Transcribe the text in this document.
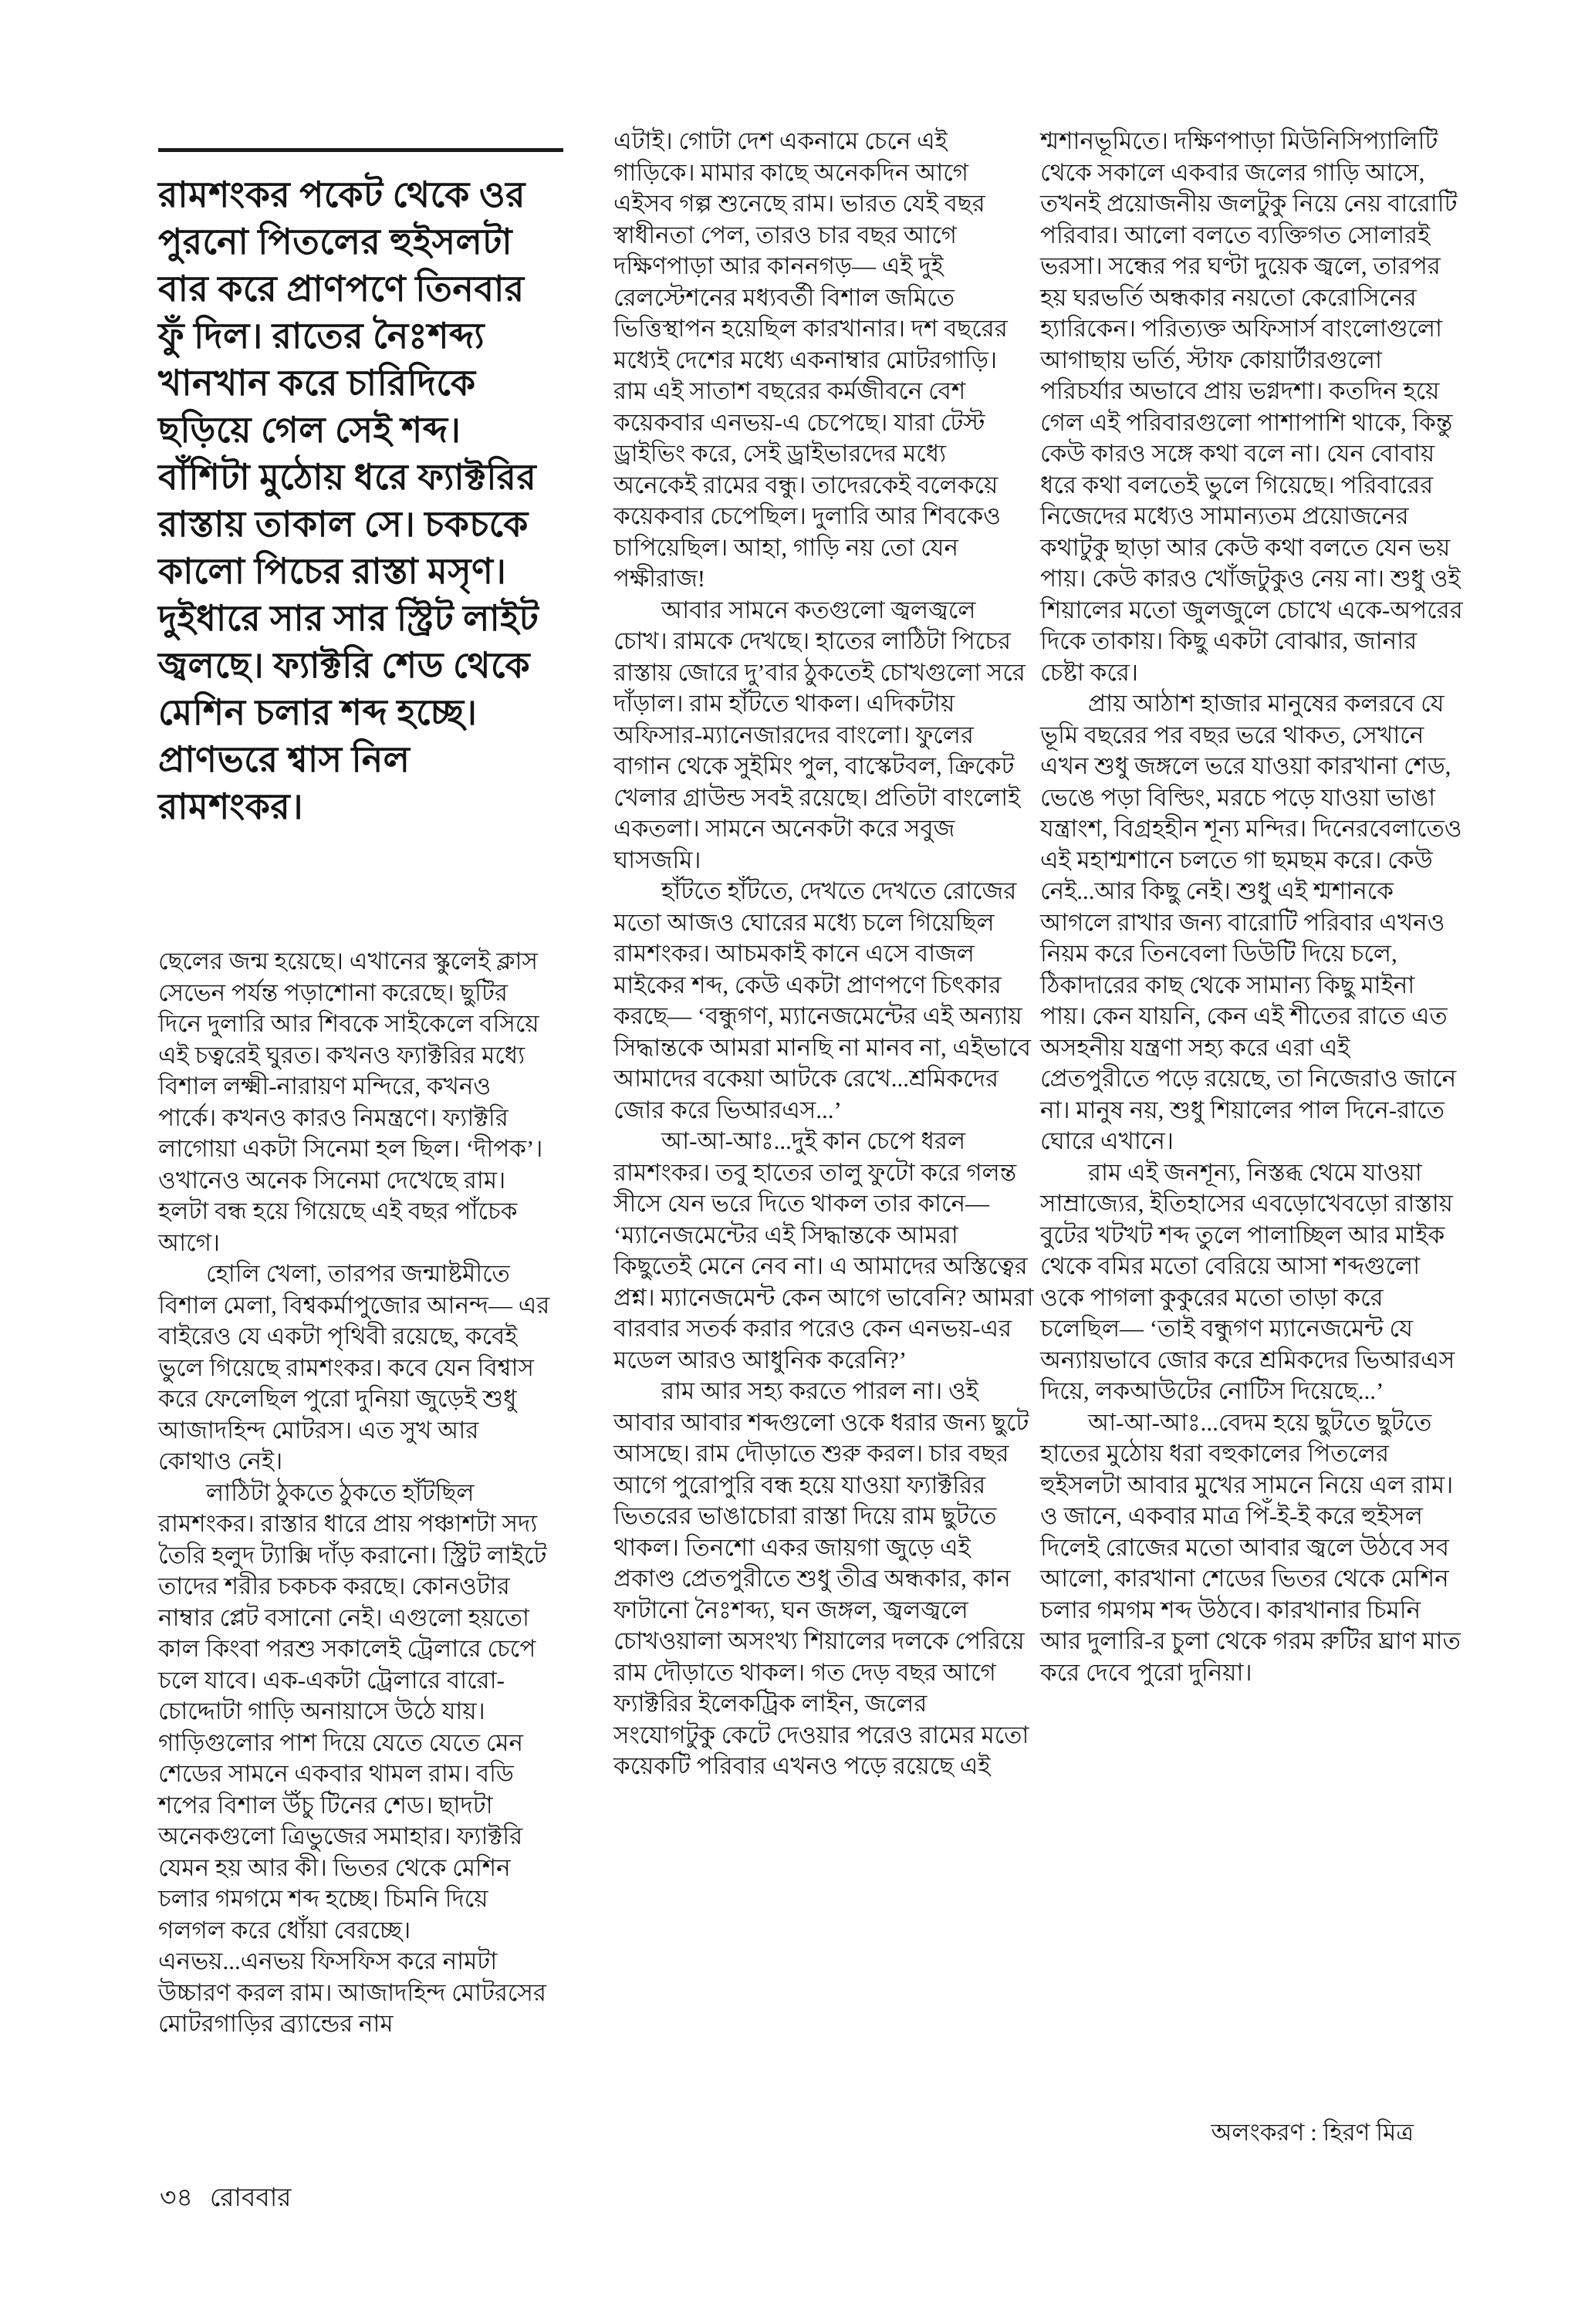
রামশংকর পকেট থেকে ওর পুরনো পিতলের হুইসলটা বার করে প্রাণপণে তিনবার ফুঁ দিল। রাতের নৈঃশব্দ্য খানখান করে চারিদিকে ছড়িয়ে গেল সেই শব্দ। বাঁশিটা মুঠোয় ধরে ফ্যাক্টরির রাস্তায় তাকাল সে। চকচকে কালো পিচের রাস্তা মসৃণ। দুইধারে সার সার স্ট্রিট লাইট জ্বলছে। ফ্যাক্টরি শেড থেকে মেশিন চলার শব্দ হচ্ছে। প্রাণভরে শ্বাস নিল রামশংকর।

ছেলের জন্ম হয়েছে। এখানের স্কুলেই ক্লাস সেভেন পর্যন্ত পড়াশোনা করেছে। ছুটির দিনে দুলারি আর শিবকে সাইকেলে বসিয়ে এই চত্বরেই ঘুরত। কখনও ফ্যাক্টরির মধ্যে বিশাল লক্ষ্মী-নারায়ণ মন্দিরে, কখনও পার্কে। কখনও কারও নিমন্ত্রণে। ফ্যাক্টরি লাগোয়া একটা সিনেমা হল ছিল। ‘দীপক’। ওখানেও অনেক সিনেমা দেখেছে রাম। হলটা বন্ধ হয়ে গিয়েছে এই বছর পাঁচেক আগে।

হোলি খেলা, তারপর জন্মাষ্টমীতে বিশাল মেলা, বিশ্বকর্মাপুজোর আনন্দ— এর বাইরেও যে একটা পৃথিবী রয়েছে, কবেই ভুলে গিয়েছে রামশংকর। কবে যেন বিশ্বাস করে ফেলেছিল পুরো দুনিয়া জুড়েই শুধু আজাদহিন্দ মোটরস। এত সুখ আর কোথাও নেই।

লাঠিটা ঠুকতে ঠুকতে হাঁটছিল রামশংকর। রাস্তার ধারে প্রায় পঞ্চাশটা সদ্য তৈরি হলুদ ট্যাক্সি দাঁড় করানো। স্ট্রিট লাইটে তাদের শরীর চকচক করছে। কোনওটার নাম্বার প্লেট বসানো নেই। এগুলো হয়তো কাল কিংবা পরশু সকালেই ট্রেলারে চেপে চলে যাবে। এক-একটা ট্রেলারে বারো-চোদ্দোটা গাড়ি অনায়াসে উঠে যায়। গাড়িগুলোর পাশ দিয়ে যেতে যেতে মেন শেডের সামনে একবার থামল রাম। বডি শপের বিশাল উঁচু টিনের শেড। ছাদটা অনেকগুলো ত্রিভুজের সমাহার। ফ্যাক্টরি যেমন হয় আর কী। ভিতর থেকে মেশিন চলার গমগমে শব্দ হচ্ছে। চিমনি দিয়ে গলগল করে ধোঁয়া বেরচ্ছে। এনভয়...এনভয় ফিসফিস করে নামটা উচ্চারণ করল রাম। আজাদহিন্দ মোটরসের মোটরগাড়ির ব্র্যান্ডের নাম

এটাই। গোটা দেশ একনামে চেনে এই গাড়িকে। মামার কাছে অনেকদিন আগে এইসব গল্প শুনেছে রাম। ভারত যেই বছর স্বাধীনতা পেল, তারও চার বছর আগে দক্ষিণপাড়া আর কাননগড়— এই দুই রেলস্টেশনের মধ্যবর্তী বিশাল জমিতে ভিত্তিস্থাপন হয়েছিল কারখানার। দশ বছরের মধ্যেই দেশের মধ্যে একনাম্বার মোটরগাড়ি। রাম এই সাতাশ বছরের কর্মজীবনে বেশ কয়েকবার এনভয়-এ চেপেছে। যারা টেস্ট ড্রাইভিং করে, সেই ড্রাইভারদের মধ্যে অনেকেই রামের বন্ধু। তাদেরকেই বলেকয়ে কয়েকবার চেপেছিল। দুলারি আর শিবকেও চাপিয়েছিল। আহা, গাড়ি নয় তো যেন পক্ষীরাজ!

আবার সামনে কতগুলো জ্বলজ্বলে চোখ। রামকে দেখছে। হাতের লাঠিটা পিচের রাস্তায় জোরে দু’বার ঠুকতেই চোখগুলো সরে দাঁড়াল। রাম হাঁটতে থাকল। এদিকটায় অফিসার-ম্যানেজারদের বাংলো। ফুলের বাগান থেকে সুইমিং পুল, বাস্কেটবল, ক্রিকেট খেলার গ্রাউন্ড সবই রয়েছে। প্রতিটা বাংলোই একতলা। সামনে অনেকটা করে সবুজ ঘাসজমি।

হাঁটতে হাঁটতে, দেখতে দেখতে রোজের মতো আজও ঘোরের মধ্যে চলে গিয়েছিল রামশংকর। আচমকাই কানে এসে বাজল মাইকের শব্দ, কেউ একটা প্রাণপণে চিৎকার করছে— ‘বন্ধুগণ, ম্যানেজমেন্টের এই অন্যায় সিদ্ধান্তকে আমরা মানছি না মানব না, এইভাবে আমাদের বকেয়া আটকে রেখে...শ্রমিকদের জোর করে ভিআরএস...’

আ-আ-আঃ...দুই কান চেপে ধরল রামশংকর। তবু হাতের তালু ফুটো করে গলন্ত সীসে যেন ভরে দিতে থাকল তার কানে— ‘ম্যানেজমেন্টের এই সিদ্ধান্তকে আমরা কিছুতেই মেনে নেব না। এ আমাদের অস্তিত্বের প্রশ্ন। ম্যানেজমেন্ট কেন আগে ভাবেনি? আমরা বারবার সতর্ক করার পরেও কেন এনভয়-এর মডেল আরও আধুনিক করেনি?’

রাম আর সহ্য করতে পারল না। ওই আবার আবার শব্দগুলো ওকে ধরার জন্য ছুটে আসছে। রাম দৌড়াতে শুরু করল। চার বছর আগে পুরোপুরি বন্ধ হয়ে যাওয়া ফ্যাক্টরির ভিতরের ভাঙাচোরা রাস্তা দিয়ে রাম ছুটতে থাকল। তিনশো একর জায়গা জুড়ে এই প্রকাণ্ড প্রেতপুরীতে শুধু তীব্র অন্ধকার, কান ফাটানো নৈঃশব্দ্য, ঘন জঙ্গল, জ্বলজ্বলে চোখওয়ালা অসংখ্য শিয়ালের দলকে পেরিয়ে রাম দৌড়াতে থাকল। গত দেড় বছর আগে ফ্যাক্টরির ইলেকট্রিক লাইন, জলের সংযোগটুকু কেটে দেওয়ার পরেও রামের মতো কয়েকটি পরিবার এখনও পড়ে রয়েছে এই

শ্মশানভূমিতে। দক্ষিণপাড়া মিউনিসিপ্যালিটি থেকে সকালে একবার জলের গাড়ি আসে, তখনই প্রয়োজনীয় জলটুকু নিয়ে নেয় বারোটি পরিবার। আলো বলতে ব্যক্তিগত সোলারই ভরসা। সন্ধের পর ঘণ্টা দুয়েক জ্বলে, তারপর হয় ঘরভর্তি অন্ধকার নয়তো কেরোসিনের হ্যারিকেন। পরিত্যক্ত অফিসার্স বাংলোগুলো আগাছায় ভর্তি, স্টাফ কোয়ার্টারগুলো পরিচর্যার অভাবে প্রায় ভগ্নদশা। কতদিন হয়ে গেল এই পরিবারগুলো পাশাপাশি থাকে, কিন্তু কেউ কারও সঙ্গে কথা বলে না। যেন বোবায় ধরে কথা বলতেই ভুলে গিয়েছে। পরিবারের নিজেদের মধ্যেও সামান্যতম প্রয়োজনের কথাটুকু ছাড়া আর কেউ কথা বলতে যেন ভয় পায়। কেউ কারও খোঁজটুকুও নেয় না। শুধু ওই শিয়ালের মতো জুলজুলে চোখে একে-অপরের দিকে তাকায়। কিছু একটা বোঝার, জানার চেষ্টা করে।

প্রায় আঠাশ হাজার মানুষের কলরবে যে ভূমি বছরের পর বছর ভরে থাকত, সেখানে এখন শুধু জঙ্গলে ভরে যাওয়া কারখানা শেড, ভেঙে পড়া বিল্ডিং, মরচে পড়ে যাওয়া ভাঙা যন্ত্রাংশ, বিগ্রহহীন শূন্য মন্দির। দিনেরবেলাতেও এই মহাশ্মশানে চলতে গা ছমছম করে। কেউ নেই...আর কিছু নেই। শুধু এই শ্মশানকে আগলে রাখার জন্য বারোটি পরিবার এখনও নিয়ম করে তিনবেলা ডিউটি দিয়ে চলে, ঠিকাদারের কাছ থেকে সামান্য কিছু মাইনা পায়। কেন যায়নি, কেন এই শীতের রাতে এত অসহনীয় যন্ত্রণা সহ্য করে এরা এই প্রেতপুরীতে পড়ে রয়েছে, তা নিজেরাও জানে না। মানুষ নয়, শুধু শিয়ালের পাল দিনে-রাতে ঘোরে এখানে।

রাম এই জনশূন্য, নিস্তব্ধ থেমে যাওয়া সাম্রাজ্যের, ইতিহাসের এবড়োখেবড়ো রাস্তায় বুটের খটখট শব্দ তুলে পালাচ্ছিল আর মাইক থেকে বমির মতো বেরিয়ে আসা শব্দগুলো ওকে পাগলা কুকুরের মতো তাড়া করে চলেছিল— ‘তাই বন্ধুগণ ম্যানেজমেন্ট যে অন্যায়ভাবে জোর করে শ্রমিকদের ভিআরএস দিয়ে, লকআউটের নোটিস দিয়েছে...’

আ-আ-আঃ...বেদম হয়ে ছুটতে ছুটতে হাতের মুঠোয় ধরা বহুকালের পিতলের হুইসলটা আবার মুখের সামনে নিয়ে এল রাম। ও জানে, একবার মাত্র পিঁ-ই-ই করে হুইসল দিলেই রোজের মতো আবার জ্বলে উঠবে সব আলো, কারখানা শেডের ভিতর থেকে মেশিন চলার গমগম শব্দ উঠবে। কারখানার চিমনি আর দুলারি-র চুলা থেকে গরম রুটির ঘ্রাণ মাত করে দেবে পুরো দুনিয়া।

অলংকরণ : হিরণ মিত্র
৩৪ রোববার
